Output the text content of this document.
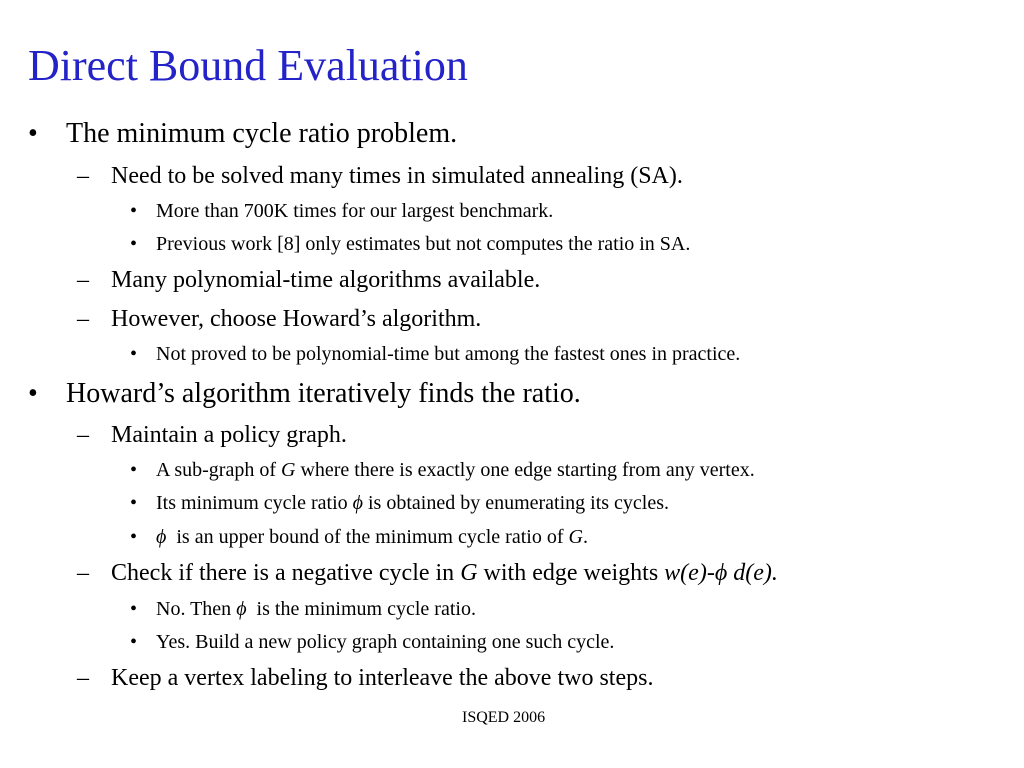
Direct Bound Evaluation
• The minimum cycle ratio problem.
– Need to be solved many times in simulated annealing (SA).
• More than 700K times for our largest benchmark.
• Previous work [8] only estimates but not computes the ratio in SA.
– Many polynomial-time algorithms available.
– However, choose Howard’s algorithm.
• Not proved to be polynomial-time but among the fastest ones in practice.
• Howard’s algorithm iteratively finds the ratio.
– Maintain a policy graph.
• A sub-graph of G where there is exactly one edge starting from any vertex.
• Its minimum cycle ratio ϕ is obtained by enumerating its cycles.
• ϕ  is an upper bound of the minimum cycle ratio of G.
– Check if there is a negative cycle in G with edge weights w(e)-ϕ d(e).
• No. Then ϕ  is the minimum cycle ratio.
• Yes. Build a new policy graph containing one such cycle.
– Keep a vertex labeling to interleave the above two steps.
ISQED 2006
